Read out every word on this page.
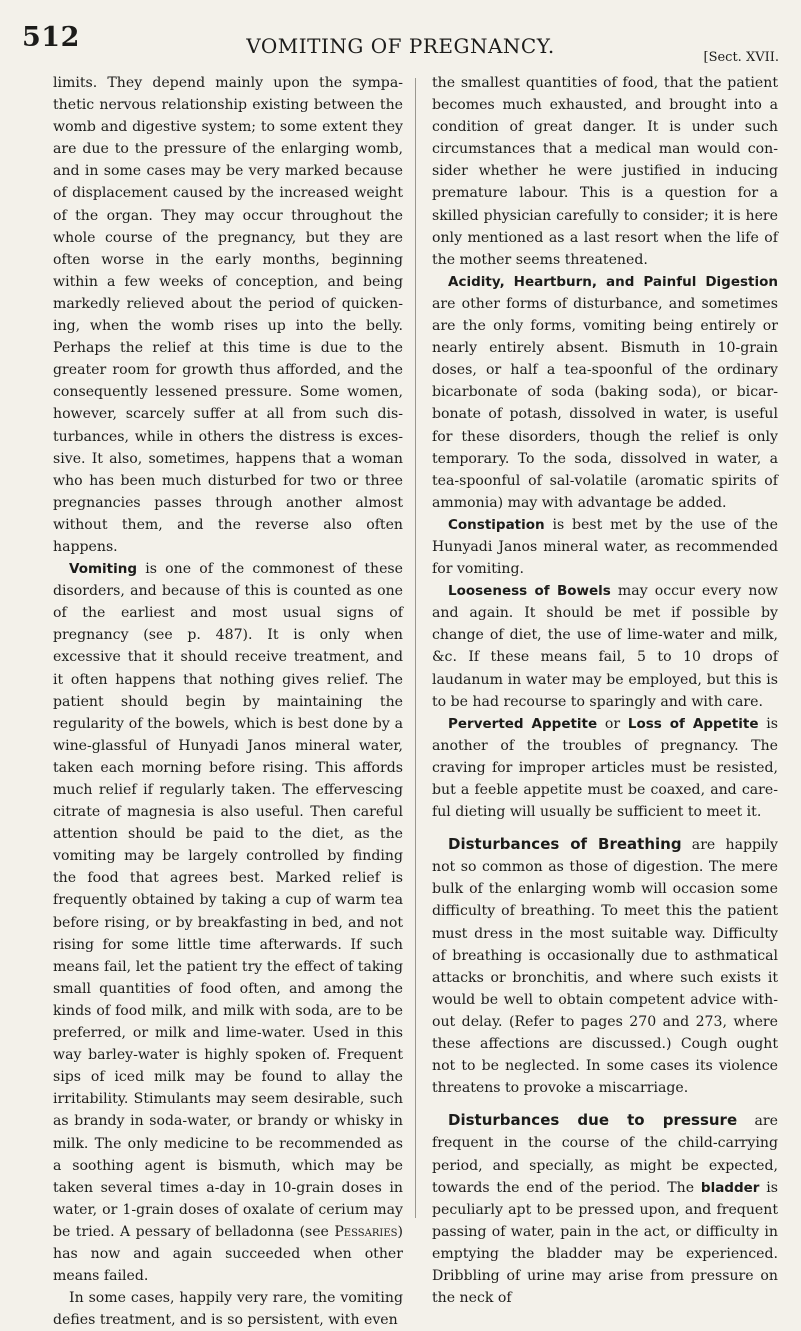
512	VOMITING OF PREGNANCY.	[Sect. XVII.

limits. They depend mainly upon the sympathetic nervous relationship existing between the womb and digestive system; to some extent they are due to the pressure of the enlarging womb, and in some cases may be very marked because of displacement caused by the increased weight of the organ. They may occur throughout the whole course of the pregnancy, but they are often worse in the early months, beginning within a few weeks of conception, and being markedly relieved about the period of quickening, when the womb rises up into the belly. Perhaps the relief at this time is due to the greater room for growth thus afforded, and the consequently lessened pressure. Some women, however, scarcely suffer at all from such disturbances, while in others the distress is excessive. It also, sometimes, happens that a woman who has been much disturbed for two or three pregnancies passes through another almost without them, and the reverse also often happens.

Vomiting is one of the commonest of these disorders, and because of this is counted as one of the earliest and most usual signs of pregnancy (see p. 487). It is only when excessive that it should receive treatment, and it often happens that nothing gives relief. The patient should begin by maintaining the regularity of the bowels, which is best done by a wine-glassful of Hunyadi Janos mineral water, taken each morning before rising. This affords much relief if regularly taken. The effervescing citrate of magnesia is also useful. Then careful attention should be paid to the diet, as the vomiting may be largely controlled by finding the food that agrees best. Marked relief is frequently obtained by taking a cup of warm tea before rising, or by breakfasting in bed, and not rising for some little time afterwards. If such means fail, let the patient try the effect of taking small quantities of food often, and among the kinds of food milk, and milk with soda, are to be preferred, or milk and lime-water. Used in this way barley-water is highly spoken of. Frequent sips of iced milk may be found to allay the irritability. Stimulants may seem desirable, such as brandy in soda-water, or brandy or whisky in milk. The only medicine to be recommended as a soothing agent is bismuth, which may be taken several times a-day in 10-grain doses in water, or 1-grain doses of oxalate of cerium may be tried. A pessary of belladonna (see Pessaries) has now and again succeeded when other means failed.

In some cases, happily very rare, the vomiting defies treatment, and is so persistent, with even

the smallest quantities of food, that the patient becomes much exhausted, and brought into a condition of great danger. It is under such circumstances that a medical man would consider whether he were justified in inducing premature labour. This is a question for a skilled physician carefully to consider; it is here only mentioned as a last resort when the life of the mother seems threatened.

Acidity, Heartburn, and Painful Digestion are other forms of disturbance, and sometimes are the only forms, vomiting being entirely or nearly entirely absent. Bismuth in 10-grain doses, or half a tea-spoonful of the ordinary bicarbonate of soda (baking soda), or bicarbonate of potash, dissolved in water, is useful for these disorders, though the relief is only temporary. To the soda, dissolved in water, a tea-spoonful of sal-volatile (aromatic spirits of ammonia) may with advantage be added.

Constipation is best met by the use of the Hunyadi Janos mineral water, as recommended for vomiting.

Looseness of Bowels may occur every now and again. It should be met if possible by change of diet, the use of lime-water and milk, &c. If these means fail, 5 to 10 drops of laudanum in water may be employed, but this is to be had recourse to sparingly and with care.

Perverted Appetite or Loss of Appetite is another of the troubles of pregnancy. The craving for improper articles must be resisted, but a feeble appetite must be coaxed, and careful dieting will usually be sufficient to meet it.

Disturbances of Breathing are happily not so common as those of digestion. The mere bulk of the enlarging womb will occasion some difficulty of breathing. To meet this the patient must dress in the most suitable way. Difficulty of breathing is occasionally due to asthmatical attacks or bronchitis, and where such exists it would be well to obtain competent advice without delay. (Refer to pages 270 and 273, where these affections are discussed.) Cough ought not to be neglected. In some cases its violence threatens to provoke a miscarriage.

Disturbances due to pressure are frequent in the course of the child-carrying period, and specially, as might be expected, towards the end of the period. The bladder is peculiarly apt to be pressed upon, and frequent passing of water, pain in the act, or difficulty in emptying the bladder may be experienced. Dribbling of urine may arise from pressure on the neck of
